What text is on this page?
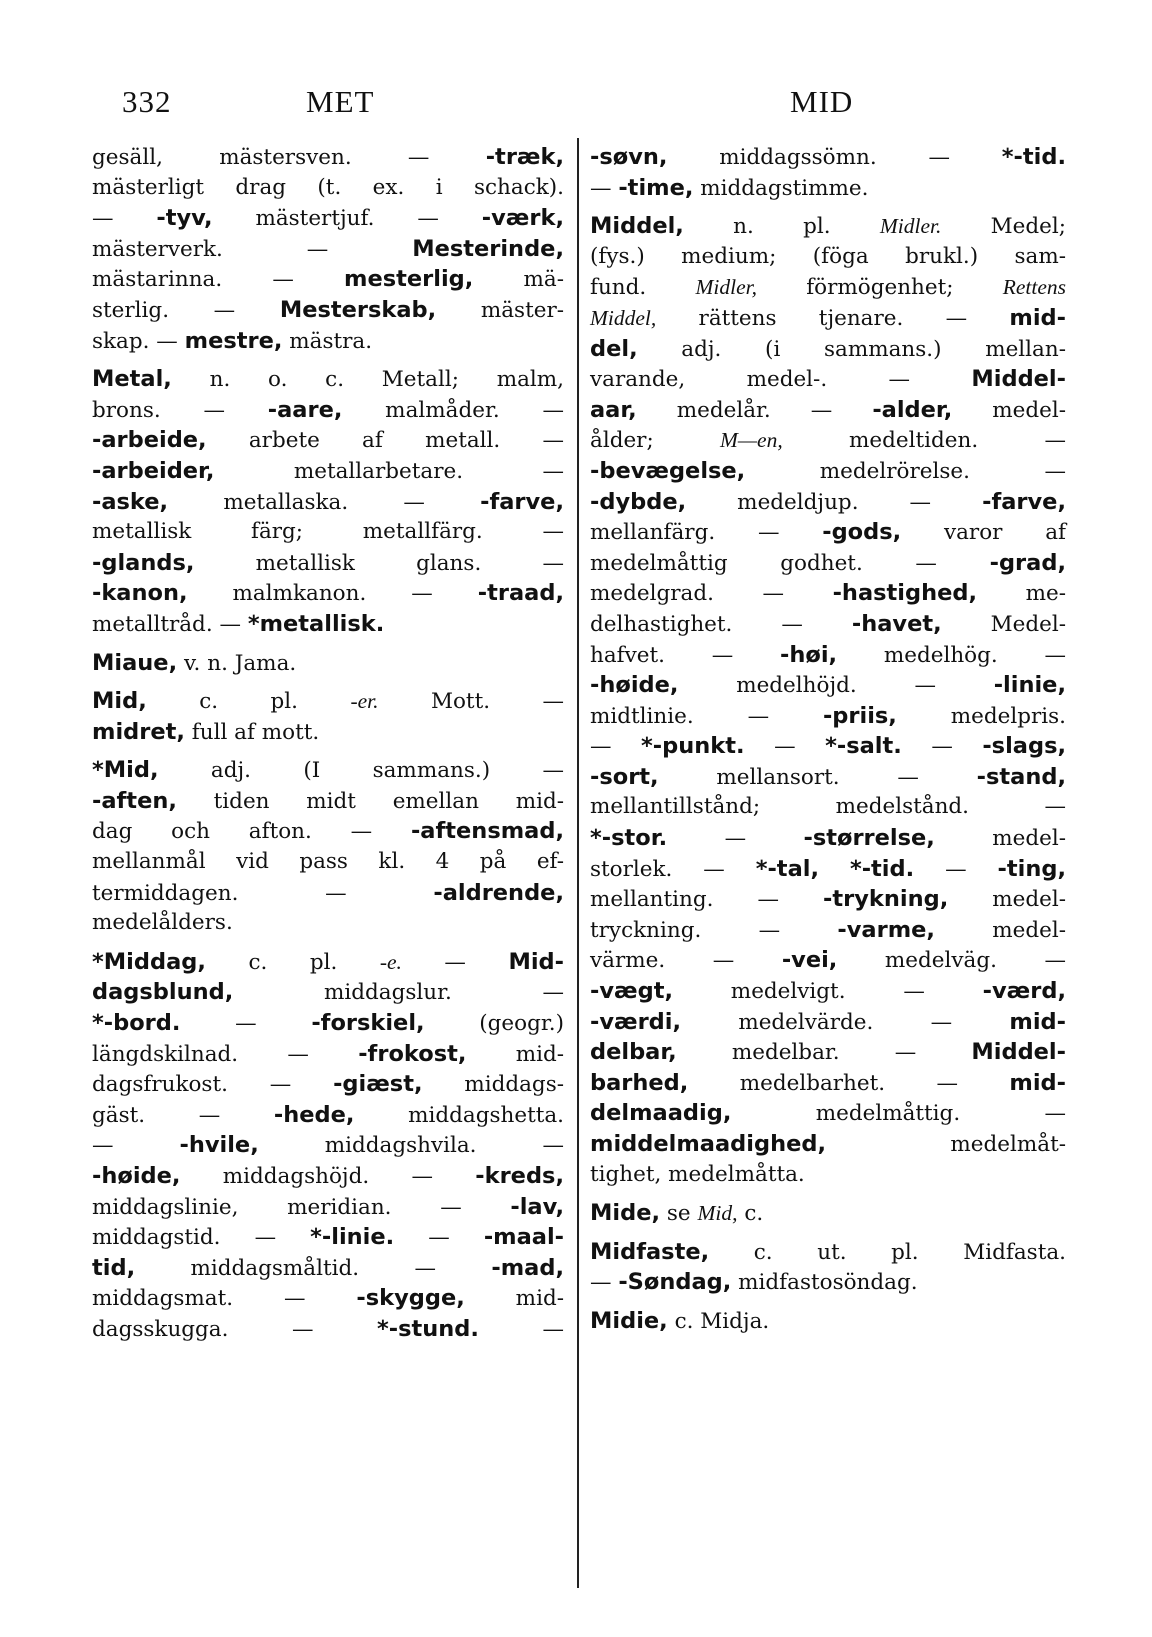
332	MET	MID
gesäll, mästersven. — -træk,
mästerligt drag (t. ex. i schack).
— -tyv, mästertjuf. — -værk,
mästerverk. — Mesterinde,
mästarinna. — mesterlig, mä-
sterlig. — Mesterskab, mäster-
skap. — mestre, mästra.
Metal, n. o. c. Metall; malm,
brons. — -aare, malmåder. —
-arbeide, arbete af metall. —
-arbeider, metallarbetare. —
-aske, metallaska. — -farve,
metallisk färg; metallfärg. —
-glands, metallisk glans. —
-kanon, malmkanon. — -traad,
metalltråd. — *metallisk.
Miaue, v. n. Jama.
Mid, c. pl. -er. Mott. —
midret, full af mott.
*Mid, adj. (I sammans.) —
-aften, tiden midt emellan mid-
dag och afton. — -aftensmad,
mellanmål vid pass kl. 4 på ef-
termiddagen. — -aldrende,
medelålders.
*Middag, c. pl. -e. — Mid-
dagsblund, middagslur. —
*-bord. — -forskiel, (geogr.)
längdskilnad. — -frokost, mid-
dagsfrukost. — -giæst, middags-
gäst. — -hede, middagshetta.
— -hvile, middagshvila. —
-høide, middagshöjd. — -kreds,
middagslinie, meridian. — -lav,
middagstid. — *-linie. — -maal-
tid, middagsmåltid. — -mad,
middagsmat. — -skygge, mid-
dagsskugga. — *-stund. —
-søvn, middagssömn. — *-tid.
— -time, middagstimme.
Middel, n. pl. Midler. Medel;
(fys.) medium; (föga brukl.) sam-
fund. Midler, förmögenhet; Rettens
Middel, rättens tjenare. — mid-
del, adj. (i sammans.) mellan-
varande, medel-. — Middel-
aar, medelår. — -alder, medel-
ålder; M—en, medeltiden. —
-bevægelse, medelrörelse. —
-dybde, medeldjup. — -farve,
mellanfärg. — -gods, varor af
medelmåttig godhet. — -grad,
medelgrad. — -hastighed, me-
delhastighet. — -havet, Medel-
hafvet. — -høi, medelhög. —
-høide, medelhöjd. — -linie,
midtlinie. — -priis, medelpris.
— *-punkt. — *-salt. — -slags,
-sort, mellansort. — -stand,
mellantillstånd; medelstånd. —
*-stor. — -størrelse, medel-
storlek. — *-tal, *-tid. — -ting,
mellanting. — -trykning, medel-
tryckning. — -varme, medel-
värme. — -vei, medelväg. —
-vægt, medelvigt. — -værd,
-værdi, medelvärde. — mid-
delbar, medelbar. — Middel-
barhed, medelbarhet. — mid-
delmaadig, medelmåttig. —
middelmaadighed, medelmåt-
tighet, medelmåtta.
Mide, se Mid, c.
Midfaste, c. ut. pl. Midfasta.
— -Søndag, midfastosöndag.
Midie, c. Midja.
